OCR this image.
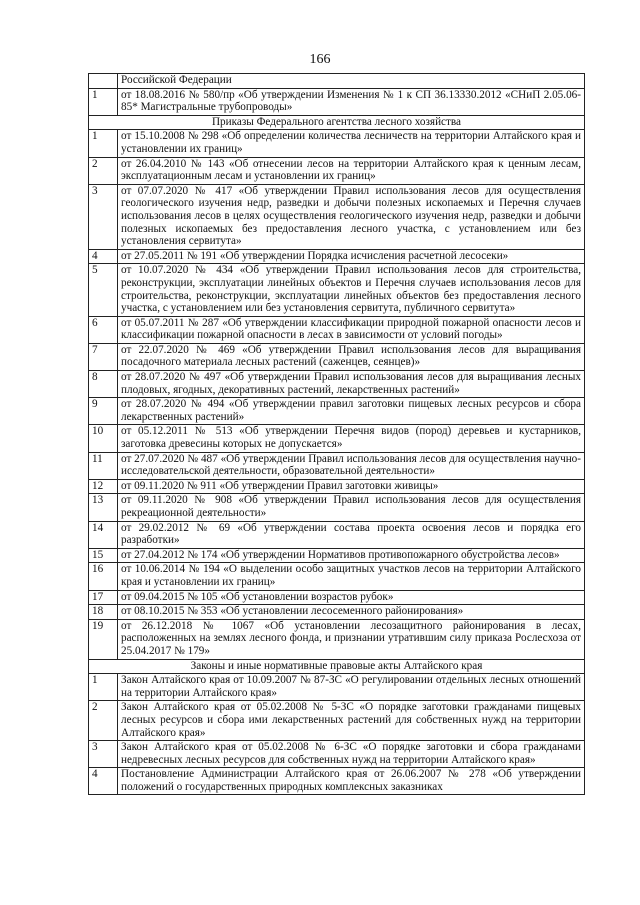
166
	Российской Федерации
1	от 18.08.2016 № 580/пр «Об утверждении Изменения № 1 к СП 36.13330.2012 «СНиП 2.05.06-85* Магистральные трубопроводы»
Приказы Федерального агентства лесного хозяйства	
1	от 15.10.2008 № 298 «Об определении количества лесничеств на территории Алтайского края и установлении их границ»
2	от 26.04.2010 № 143 «Об отнесении лесов на территории Алтайского края к ценным лесам, эксплуатационным лесам и установлении их границ»
3	от 07.07.2020 № 417 «Об утверждении Правил использования лесов для осуществления геологического изучения недр, разведки и добычи полезных ископаемых и Перечня случаев использования лесов в целях осуществления геологического изучения недр, разведки и добычи полезных ископаемых без предоставления лесного участка, с установлением или без установления сервитута»
4	от 27.05.2011 № 191 «Об утверждении Порядка исчисления расчетной лесосеки»
5	от 10.07.2020 № 434 «Об утверждении Правил использования лесов для строительства, реконструкции, эксплуатации линейных объектов и Перечня случаев использования лесов для строительства, реконструкции, эксплуатации линейных объектов без предоставления лесного участка, с установлением или без установления сервитута, публичного сервитута»
6	от 05.07.2011 № 287 «Об утверждении классификации природной пожарной опасности лесов и классификации пожарной опасности в лесах в зависимости от условий погоды»
7	от 22.07.2020 № 469 «Об утверждении Правил использования лесов для выращивания посадочного материала лесных растений (саженцев, сеянцев)»
8	от 28.07.2020 № 497 «Об утверждении Правил использования лесов для выращивания лесных плодовых, ягодных, декоративных растений, лекарственных растений»
9	от 28.07.2020 № 494 «Об утверждении правил заготовки пищевых лесных ресурсов и сбора лекарственных растений»
10	от 05.12.2011 № 513 «Об утверждении Перечня видов (пород) деревьев и кустарников, заготовка древесины которых не допускается»
11	от 27.07.2020 № 487 «Об утверждении Правил использования лесов для осуществления научно-исследовательской деятельности, образовательной деятельности»
12	от 09.11.2020 № 911 «Об утверждении Правил заготовки живицы»
13	от 09.11.2020 № 908 «Об утверждении Правил использования лесов для осуществления рекреационной деятельности»
14	от 29.02.2012 № 69 «Об утверждении состава проекта освоения лесов и порядка его разработки»
15	от 27.04.2012 № 174 «Об утверждении Нормативов противопожарного обустройства лесов»
16	от 10.06.2014 № 194 «О выделении особо защитных участков лесов на территории Алтайского края и установлении их границ»
17	от 09.04.2015 № 105 «Об установлении возрастов рубок»
18	от 08.10.2015 № 353 «Об установлении лесосеменного районирования»
19	от 26.12.2018 № 1067 «Об установлении лесозащитного районирования в лесах, расположенных на землях лесного фонда, и признании утратившим силу приказа Рослесхоза от 25.04.2017 № 179»
Законы и иные нормативные правовые акты Алтайского края	
1	Закон Алтайского края от 10.09.2007 № 87-ЗС «О регулировании отдельных лесных отношений на территории Алтайского края»
2	Закон Алтайского края от 05.02.2008 № 5-ЗС «О порядке заготовки гражданами пищевых лесных ресурсов и сбора ими лекарственных растений для собственных нужд на территории Алтайского края»
3	Закон Алтайского края от 05.02.2008 № 6-ЗС «О порядке заготовки и сбора гражданами недревесных лесных ресурсов для собственных нужд на территории Алтайского края»
4	Постановление Администрации Алтайского края от 26.06.2007 № 278 «Об утверждении положений о государственных природных комплексных заказниках
